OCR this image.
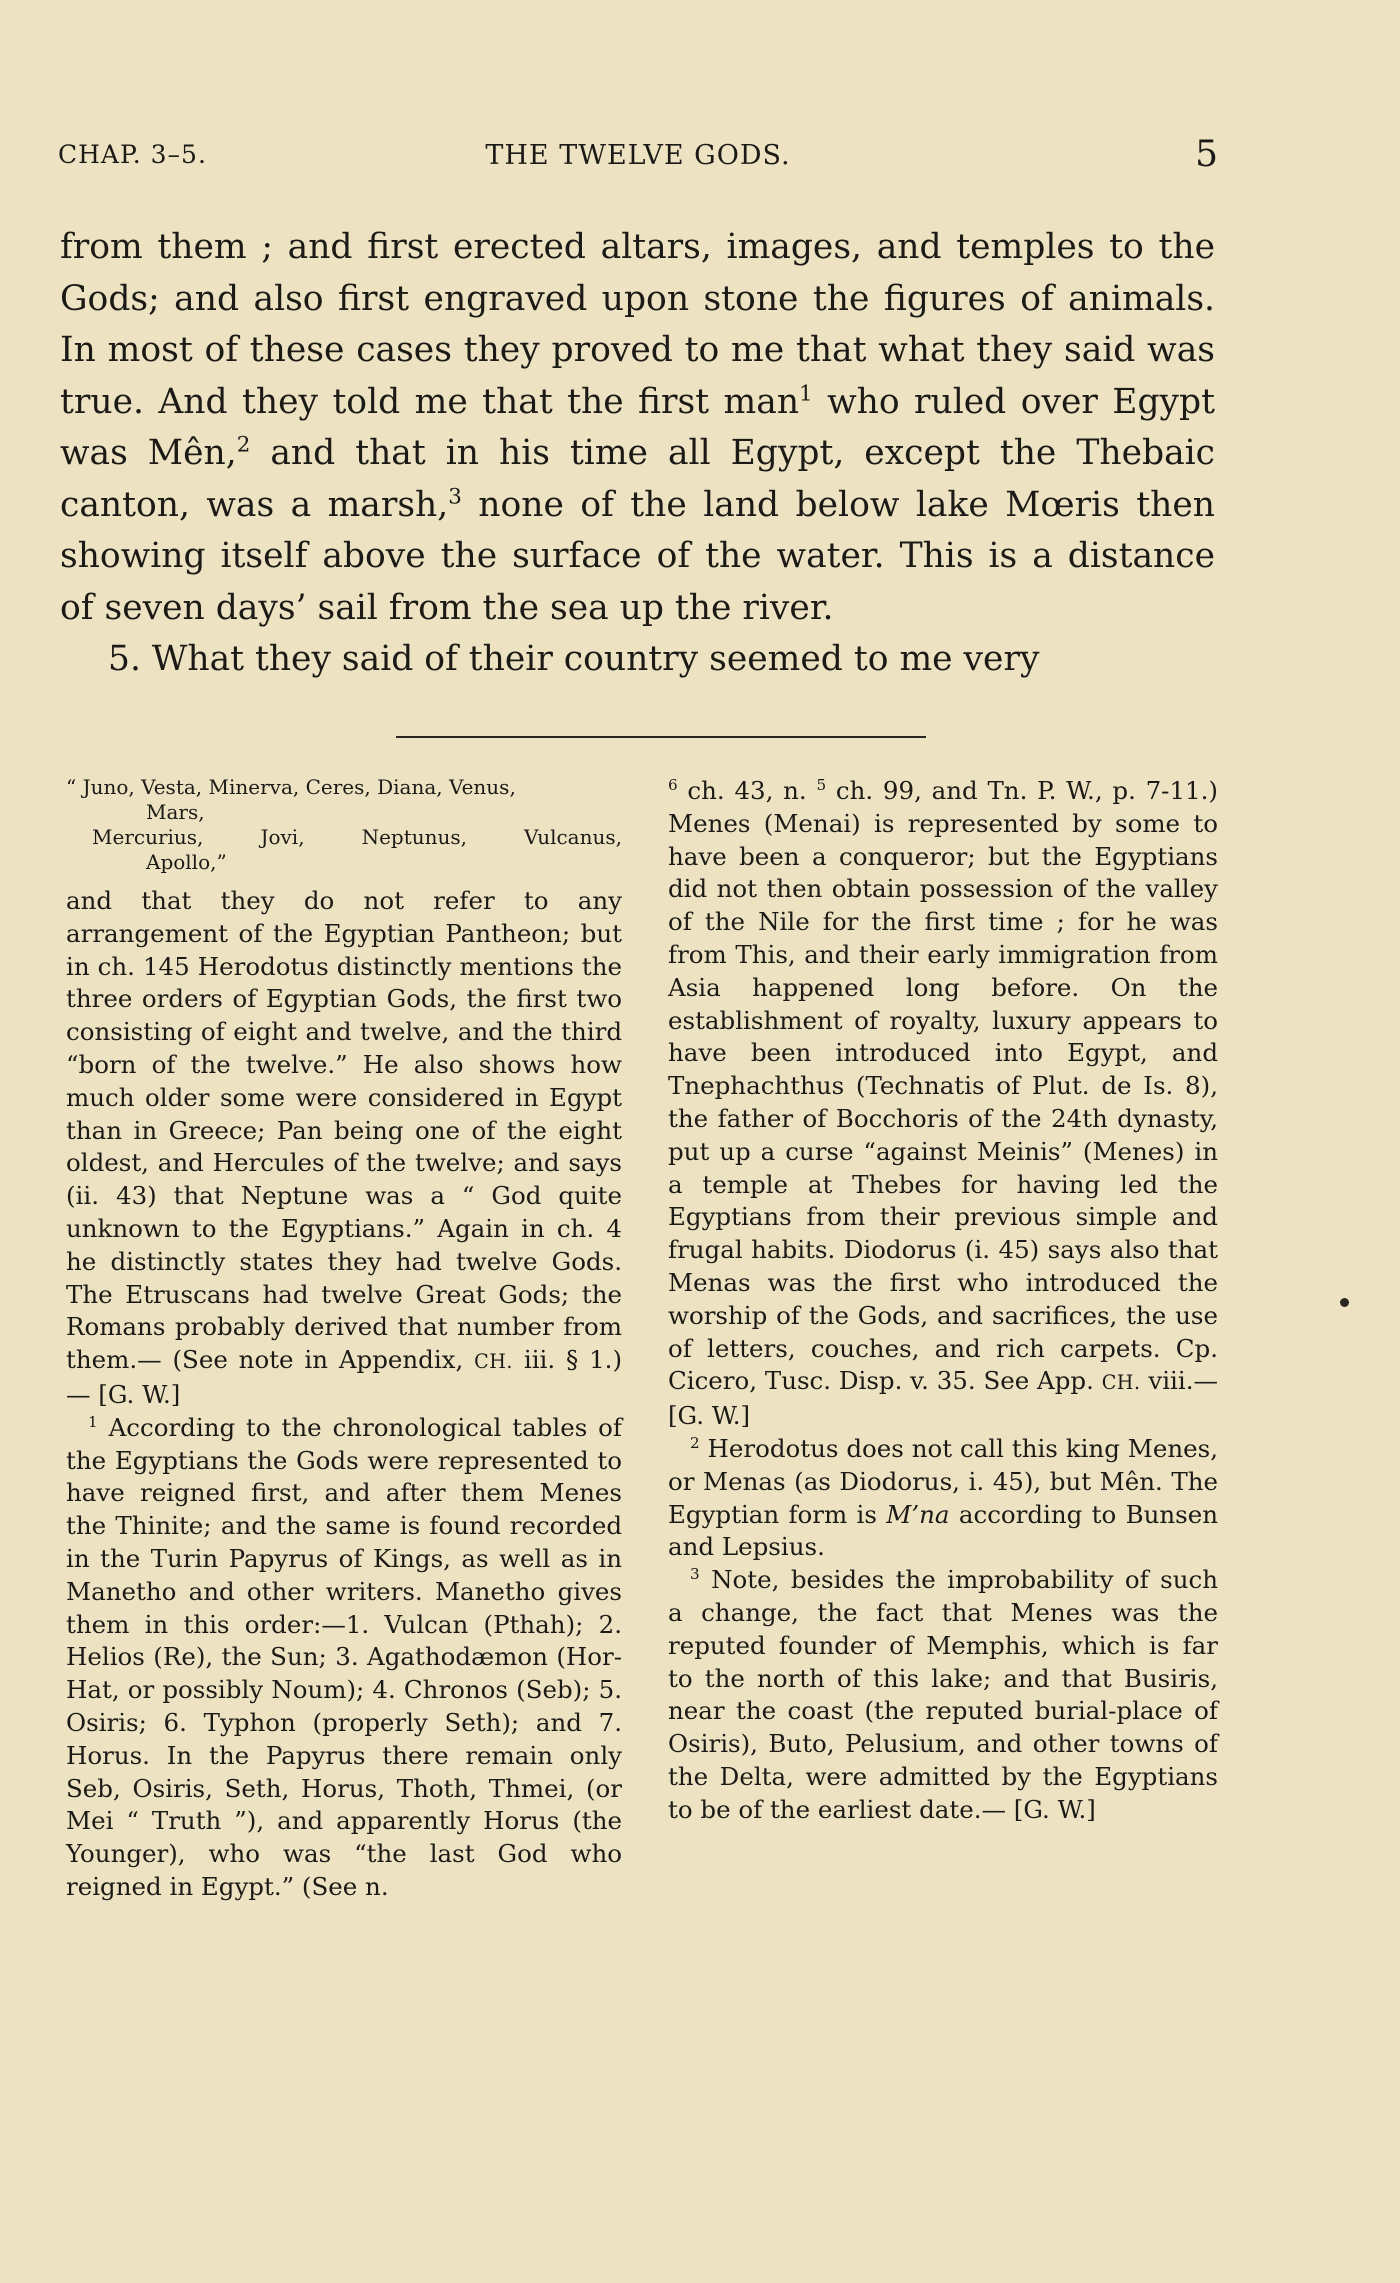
CHAP. 3–5.	THE TWELVE GODS.	5

from them ; and first erected altars, images, and temples to the Gods; and also first engraved upon stone the figures of animals. In most of these cases they proved to me that what they said was true. And they told me that the first man$^1$ who ruled over Egypt was Mên,$^2$ and that in his time all Egypt, except the Thebaic canton, was a marsh,$^3$ none of the land below lake Mœris then showing itself above the surface of the water. This is a distance of seven days’ sail from the sea up the river.

5. What they said of their country seemed to me very

“ Juno, Vesta, Minerva, Ceres, Diana, Venus,
Mars,
Mercurius, Jovi, Neptunus, Vulcanus,
Apollo,”

and that they do not refer to any arrangement of the Egyptian Pantheon; but in ch. 145 Herodotus distinctly mentions the three orders of Egyptian Gods, the first two consisting of eight and twelve, and the third “born of the twelve.” He also shows how much older some were considered in Egypt than in Greece; Pan being one of the eight oldest, and Hercules of the twelve; and says (ii. 43) that Neptune was a “ God quite unknown to the Egyptians.” Again in ch. 4 he distinctly states they had twelve Gods. The Etruscans had twelve Great Gods; the Romans probably derived that number from them.— (See note in Appendix, CH. iii. § 1.)— [G. W.]

$^1$ According to the chronological tables of the Egyptians the Gods were represented to have reigned first, and after them Menes the Thinite; and the same is found recorded in the Turin Papyrus of Kings, as well as in Manetho and other writers. Manetho gives them in this order:—1. Vulcan (Pthah); 2. Helios (Re), the Sun; 3. Agathodæmon (Hor-Hat, or possibly Noum); 4. Chronos (Seb); 5. Osiris; 6. Typhon (properly Seth); and 7. Horus. In the Papyrus there remain only Seb, Osiris, Seth, Horus, Thoth, Thmei, (or Mei “ Truth ”), and apparently Horus (the Younger), who was “the last God who reigned in Egypt.” (See n.

$^6$ ch. 43, n. $^5$ ch. 99, and Tn. P. W., p. 7-11.) Menes (Menai) is represented by some to have been a conqueror; but the Egyptians did not then obtain possession of the valley of the Nile for the first time ; for he was from This, and their early immigration from Asia happened long before. On the establishment of royalty, luxury appears to have been introduced into Egypt, and Tnephachthus (Technatis of Plut. de Is. 8), the father of Bocchoris of the 24th dynasty, put up a curse “against Meinis” (Menes) in a temple at Thebes for having led the Egyptians from their previous simple and frugal habits. Diodorus (i. 45) says also that Menas was the first who introduced the worship of the Gods, and sacrifices, the use of letters, couches, and rich carpets. Cp. Cicero, Tusc. Disp. v. 35. See App. CH. viii.— [G. W.]

$^2$ Herodotus does not call this king Menes, or Menas (as Diodorus, i. 45), but Mên. The Egyptian form is M’na according to Bunsen and Lepsius.

$^3$ Note, besides the improbability of such a change, the fact that Menes was the reputed founder of Memphis, which is far to the north of this lake; and that Busiris, near the coast (the reputed burial-place of Osiris), Buto, Pelusium, and other towns of the Delta, were admitted by the Egyptians to be of the earliest date.— [G. W.]
